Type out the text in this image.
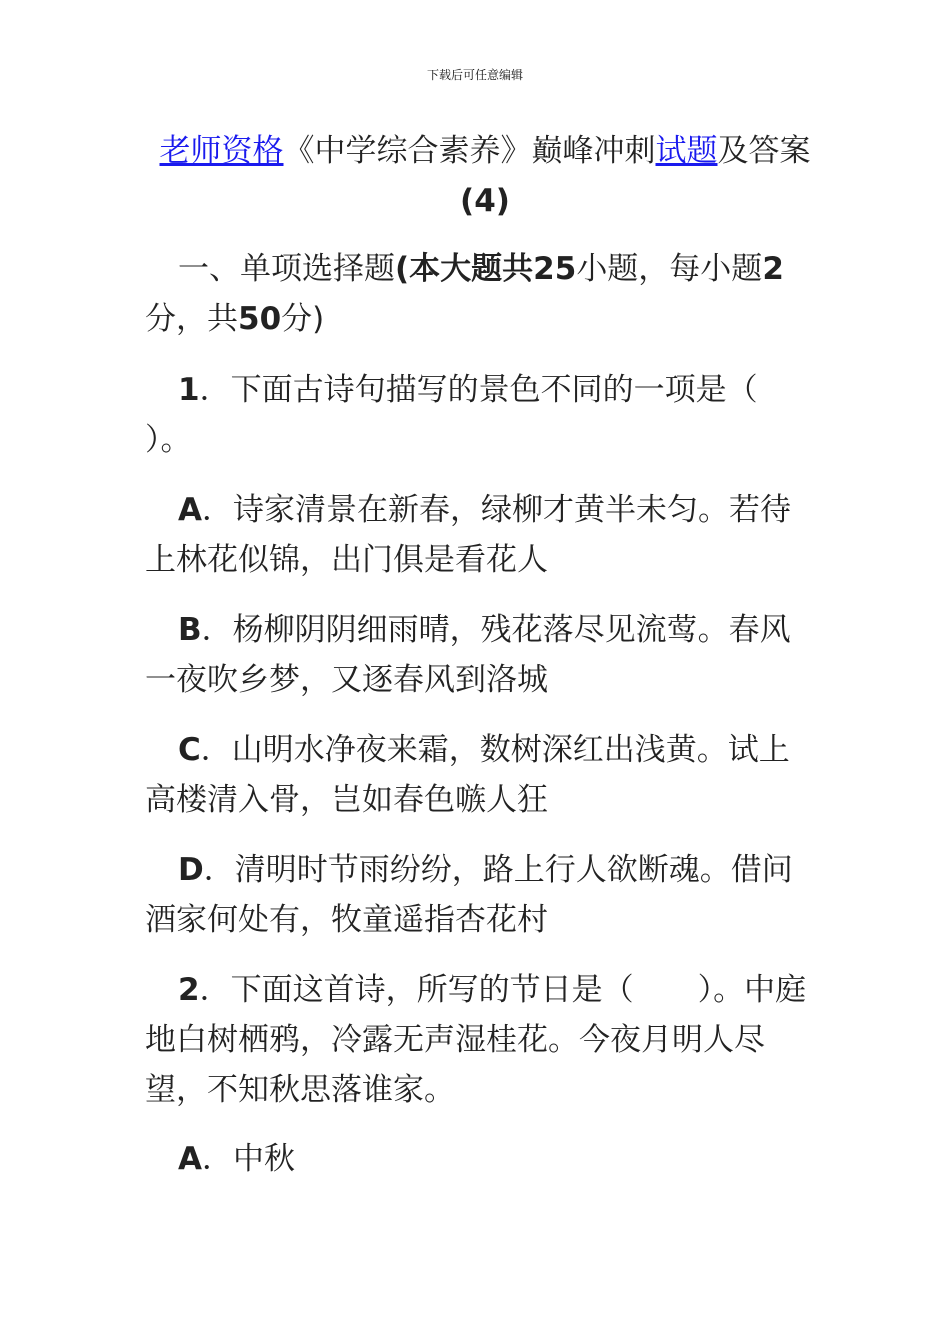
下载后可任意编辑
老师资格《中学综合素养》巅峰冲刺试题及答案(4)

一、单项选择题(本大题共25小题，每小题2分，共50分)

1．下面古诗句描写的景色不同的一项是（　　）。

A．诗家清景在新春，绿柳才黄半未匀。若待上林花似锦，出门俱是看花人

B．杨柳阴阴细雨晴，残花落尽见流莺。春风一夜吹乡梦，又逐春风到洛城

C．山明水净夜来霜，数树深红出浅黄。试上高楼清入骨，岂如春色嗾人狂

D．清明时节雨纷纷，路上行人欲断魂。借问酒家何处有，牧童遥指杏花村

2．下面这首诗，所写的节日是（ ）。中庭地白树栖鸦，冷露无声湿桂花。今夜月明人尽望，不知秋思落谁家。

A．中秋
